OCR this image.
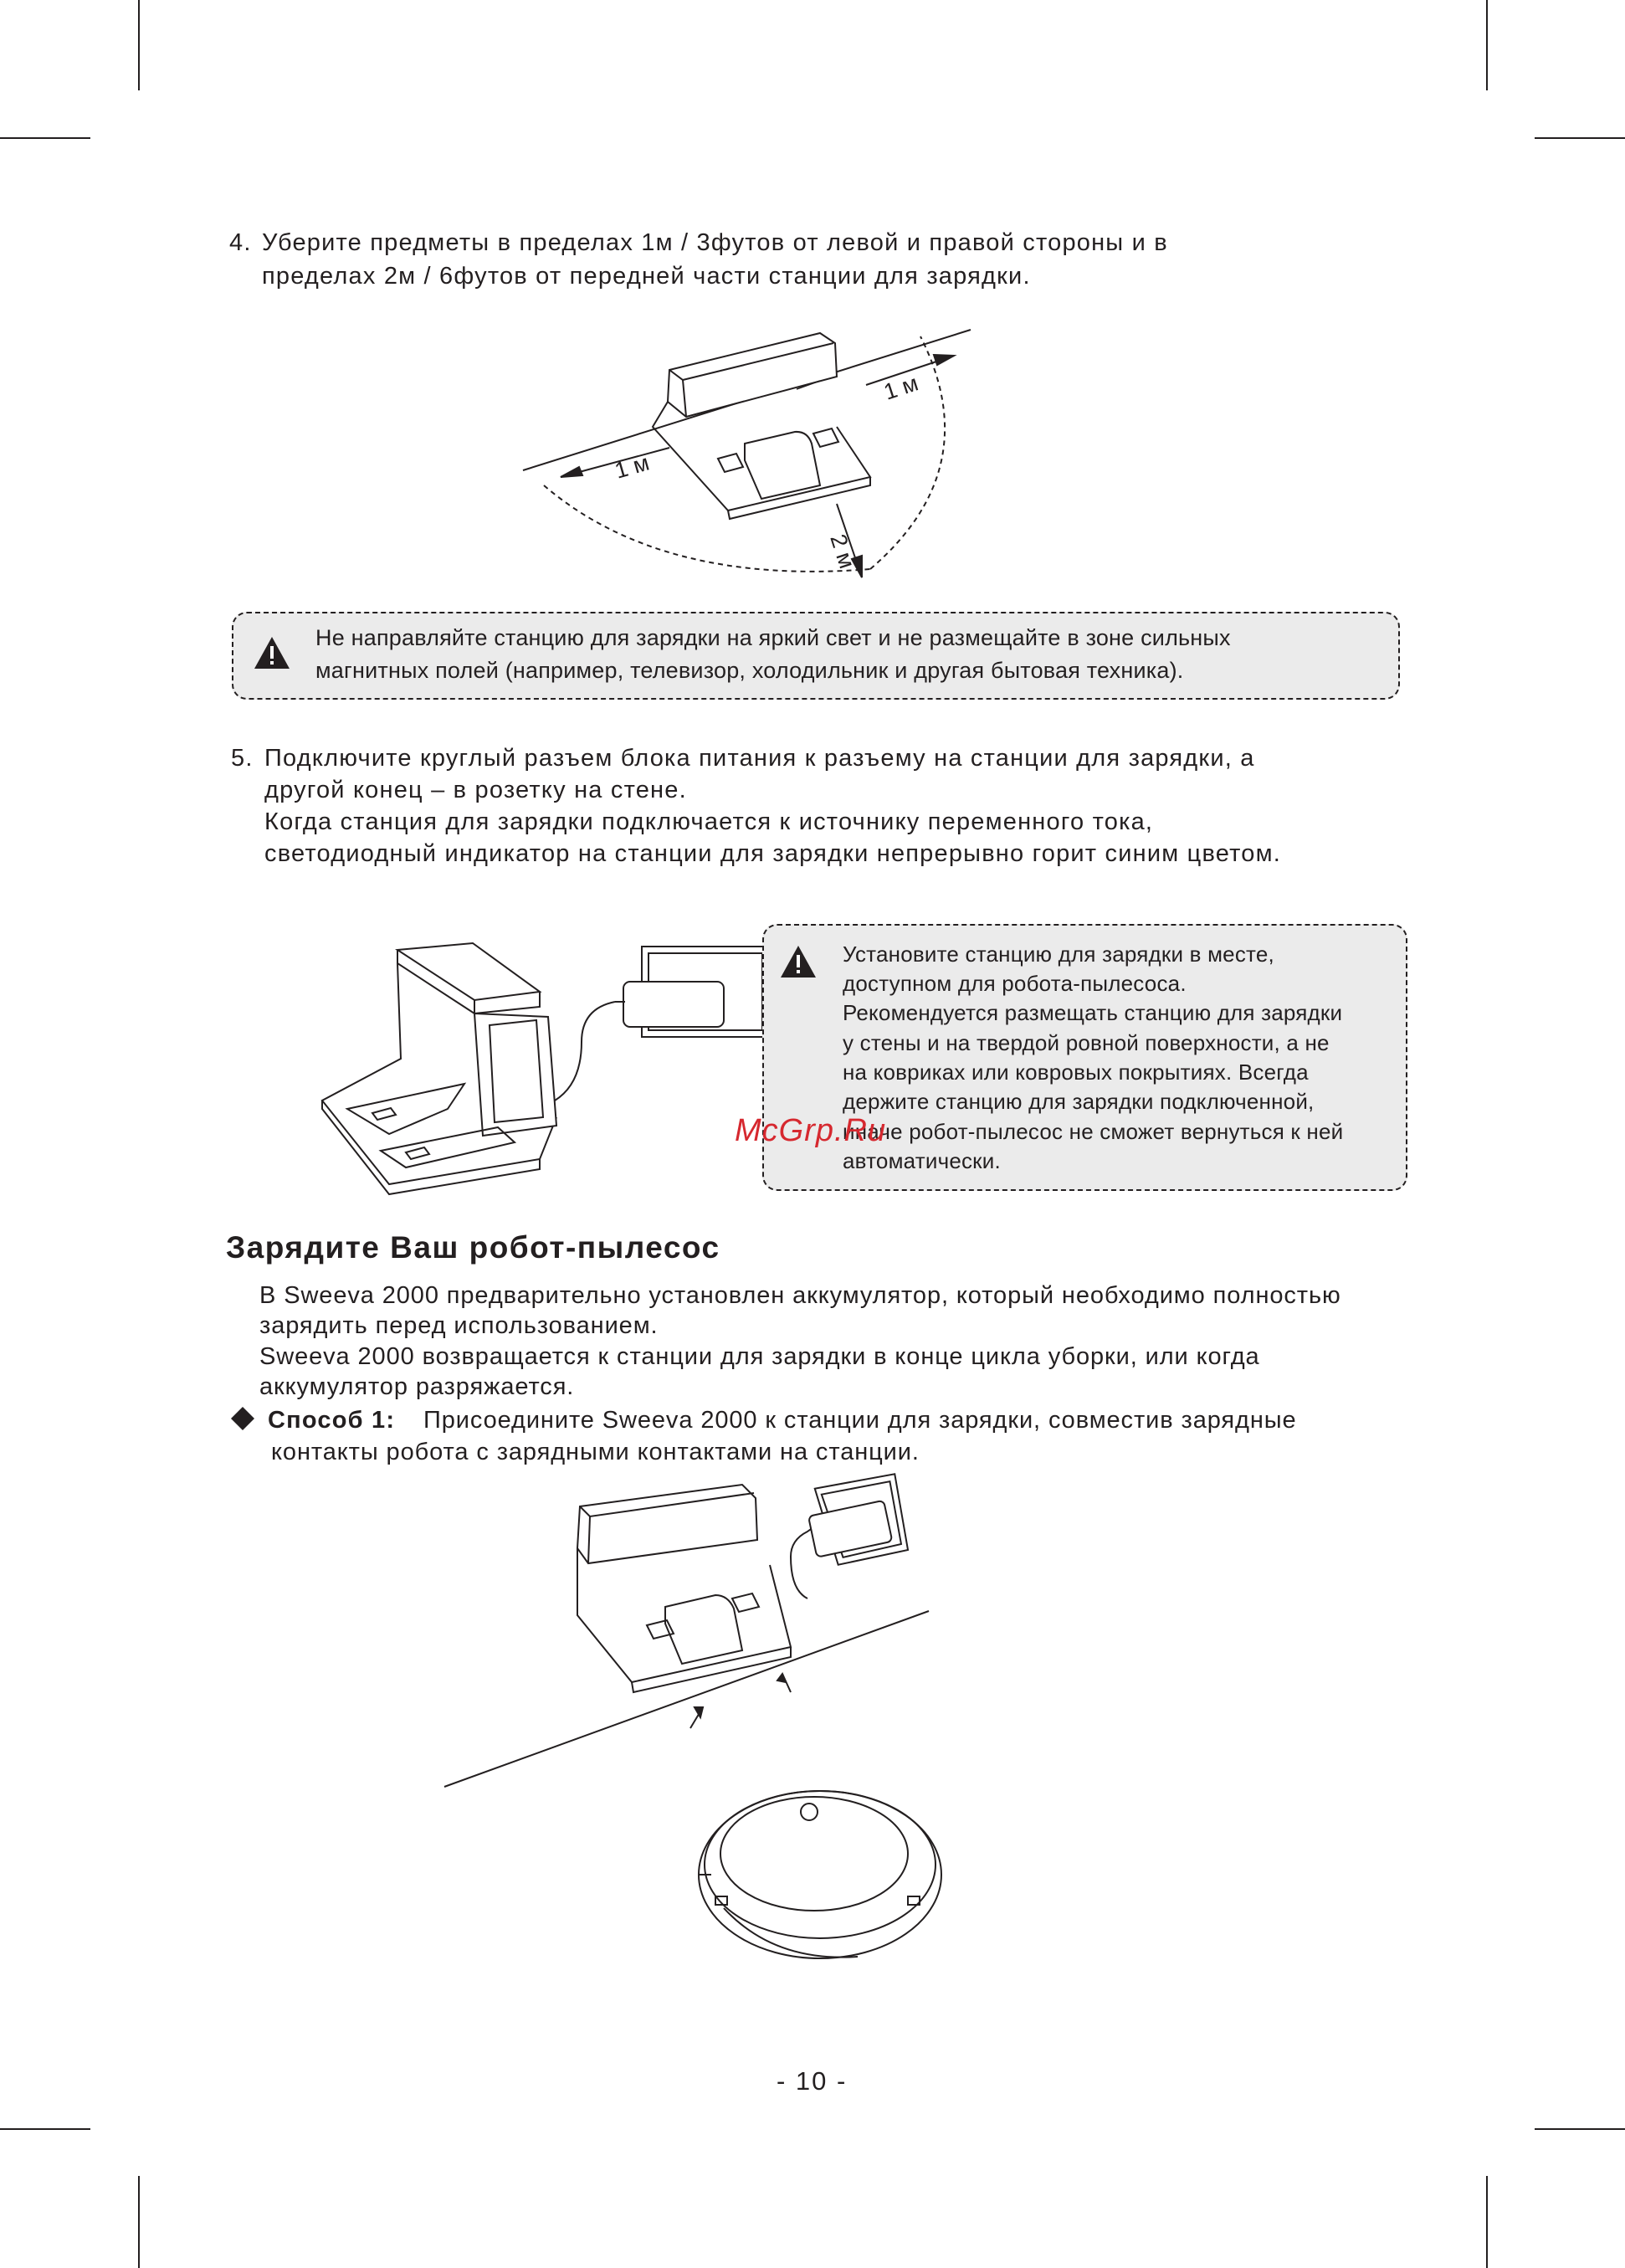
4. Уберите предметы в пределах 1м / 3футов от левой и правой стороны и в
пределах 2м / 6футов от передней части станции для зарядки.
1 м
1 м
2 м
Не направляйте станцию для зарядки на яркий свет и не размещайте в зоне сильных
магнитных полей (например, телевизор, холодильник и другая бытовая техника).
5. Подключите круглый разъем блока питания к разъему на станции для зарядки, а
другой конец – в розетку на стене.
Когда станция для зарядки подключается к источнику переменного тока,
светодиодный индикатор на станции для зарядки непрерывно горит синим цветом.
Установите станцию для зарядки в месте,
доступном для робота-пылесоса.
Рекомендуется размещать станцию для зарядки
у стены и на твердой ровной поверхности, а не
на ковриках или ковровых покрытиях. Всегда
держите станцию для зарядки подключенной,
иначе робот-пылесос не сможет вернуться к ней
автоматически.
McGrp.Ru
Зарядите Ваш робот-пылесос
В Sweeva 2000 предварительно установлен аккумулятор, который необходимо полностью
зарядить перед использованием.
Sweeva 2000 возвращается к станции для зарядки в конце цикла уборки, или когда
аккумулятор разряжается.
Способ 1: Присоедините Sweeva 2000 к станции для зарядки, совместив зарядные
контакты робота с зарядными контактами на станции.
- 10 -
